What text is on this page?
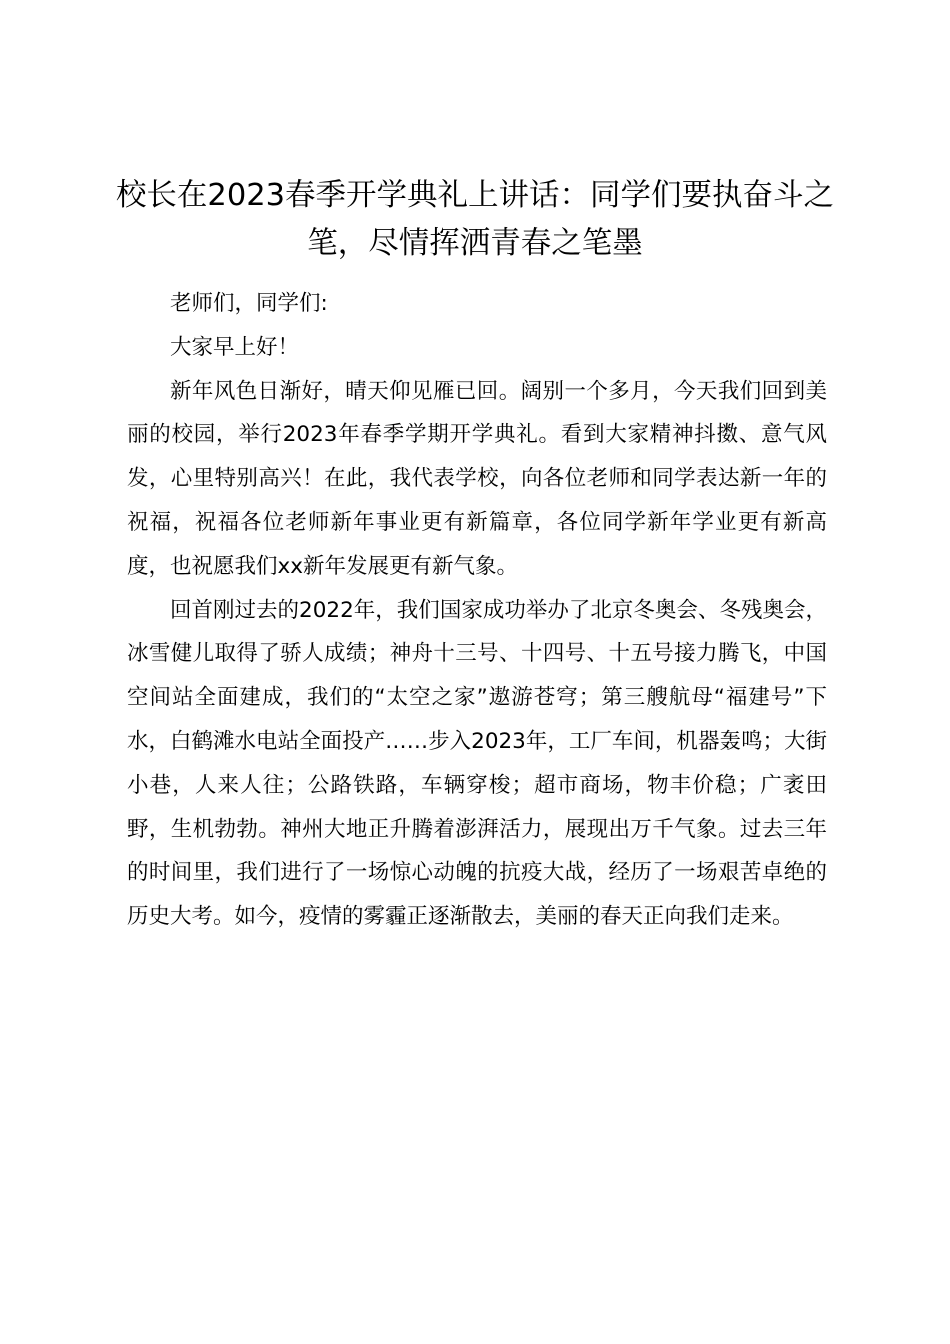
校长在2023春季开学典礼上讲话：同学们要执奋斗之笔，尽情挥洒青春之笔墨

老师们，同学们:

大家早上好！

新年风色日渐好，晴天仰见雁已回。阔别一个多月，今天我们回到美丽的校园，举行2023年春季学期开学典礼。看到大家精神抖擞、意气风发，心里特别高兴！在此，我代表学校，向各位老师和同学表达新一年的祝福，祝福各位老师新年事业更有新篇章，各位同学新年学业更有新高度，也祝愿我们xx新年发展更有新气象。

回首刚过去的2022年，我们国家成功举办了北京冬奥会、冬残奥会，冰雪健儿取得了骄人成绩；神舟十三号、十四号、十五号接力腾飞，中国空间站全面建成，我们的“太空之家”遨游苍穹；第三艘航母“福建号”下水，白鹤滩水电站全面投产……步入2023年，工厂车间，机器轰鸣；大街小巷，人来人往；公路铁路，车辆穿梭；超市商场，物丰价稳；广袤田野，生机勃勃。神州大地正升腾着澎湃活力，展现出万千气象。过去三年的时间里，我们进行了一场惊心动魄的抗疫大战，经历了一场艰苦卓绝的历史大考。如今，疫情的雾霾正逐渐散去，美丽的春天正向我们走来。
